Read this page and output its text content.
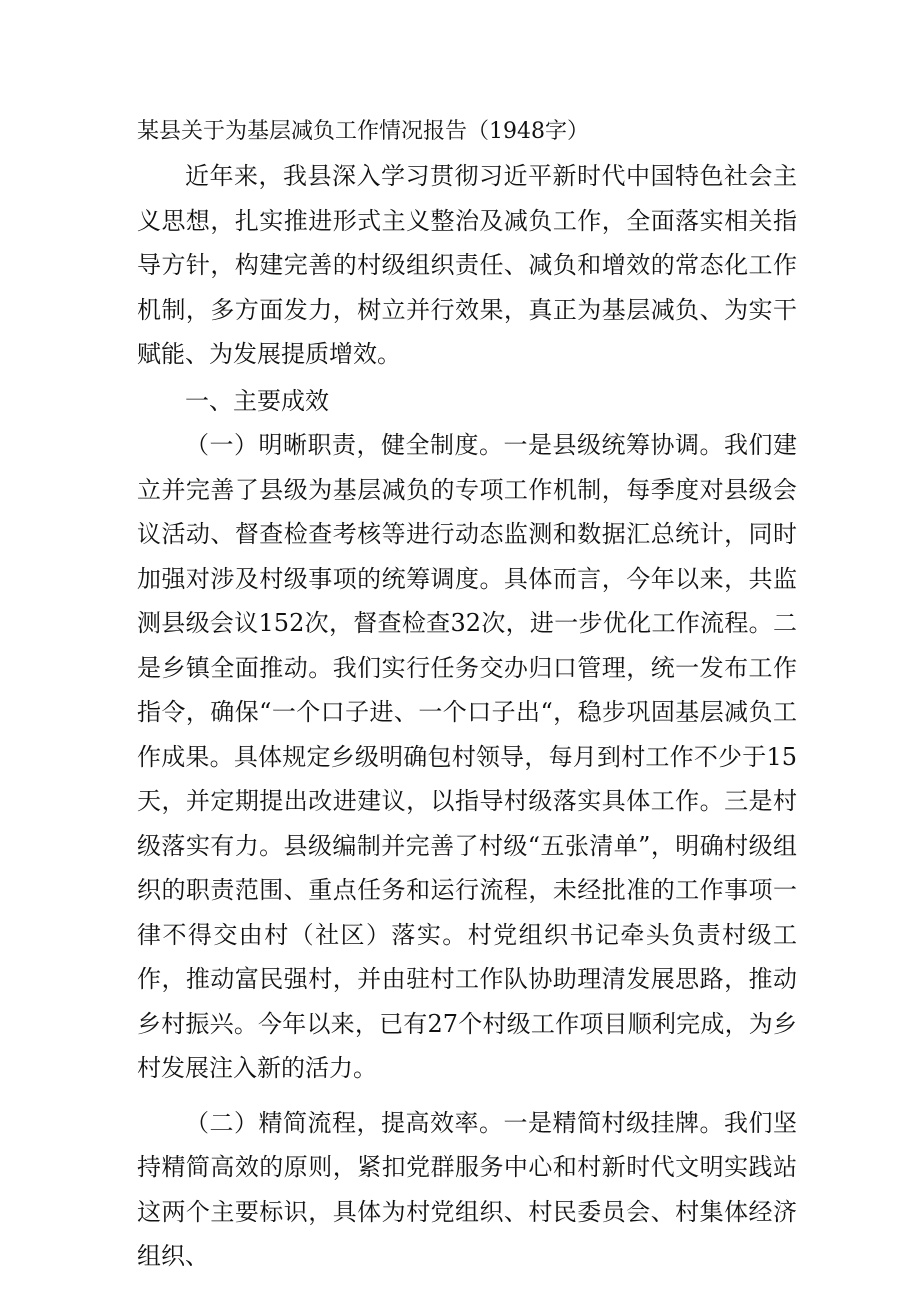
某县关于为基层减负工作情况报告（1948字）

近年来，我县深入学习贯彻习近平新时代中国特色社会主义思想，扎实推进形式主义整治及减负工作，全面落实相关指导方针，构建完善的村级组织责任、减负和增效的常态化工作机制，多方面发力，树立并行效果，真正为基层减负、为实干赋能、为发展提质增效。

一、主要成效

（一）明晰职责，健全制度。一是县级统筹协调。我们建立并完善了县级为基层减负的专项工作机制，每季度对县级会议活动、督查检查考核等进行动态监测和数据汇总统计，同时加强对涉及村级事项的统筹调度。具体而言，今年以来，共监测县级会议152次，督查检查32次，进一步优化工作流程。二是乡镇全面推动。我们实行任务交办归口管理，统一发布工作指令，确保“一个口子进、一个口子出“，稳步巩固基层减负工作成果。具体规定乡级明确包村领导，每月到村工作不少于15天，并定期提出改进建议，以指导村级落实具体工作。三是村级落实有力。县级编制并完善了村级“五张清单”，明确村级组织的职责范围、重点任务和运行流程，未经批准的工作事项一律不得交由村（社区）落实。村党组织书记牵头负责村级工作，推动富民强村，并由驻村工作队协助理清发展思路，推动乡村振兴。今年以来，已有27个村级工作项目顺利完成，为乡村发展注入新的活力。

（二）精简流程，提高效率。一是精简村级挂牌。我们坚持精简高效的原则，紧扣党群服务中心和村新时代文明实践站这两个主要标识，具体为村党组织、村民委员会、村集体经济组织、
